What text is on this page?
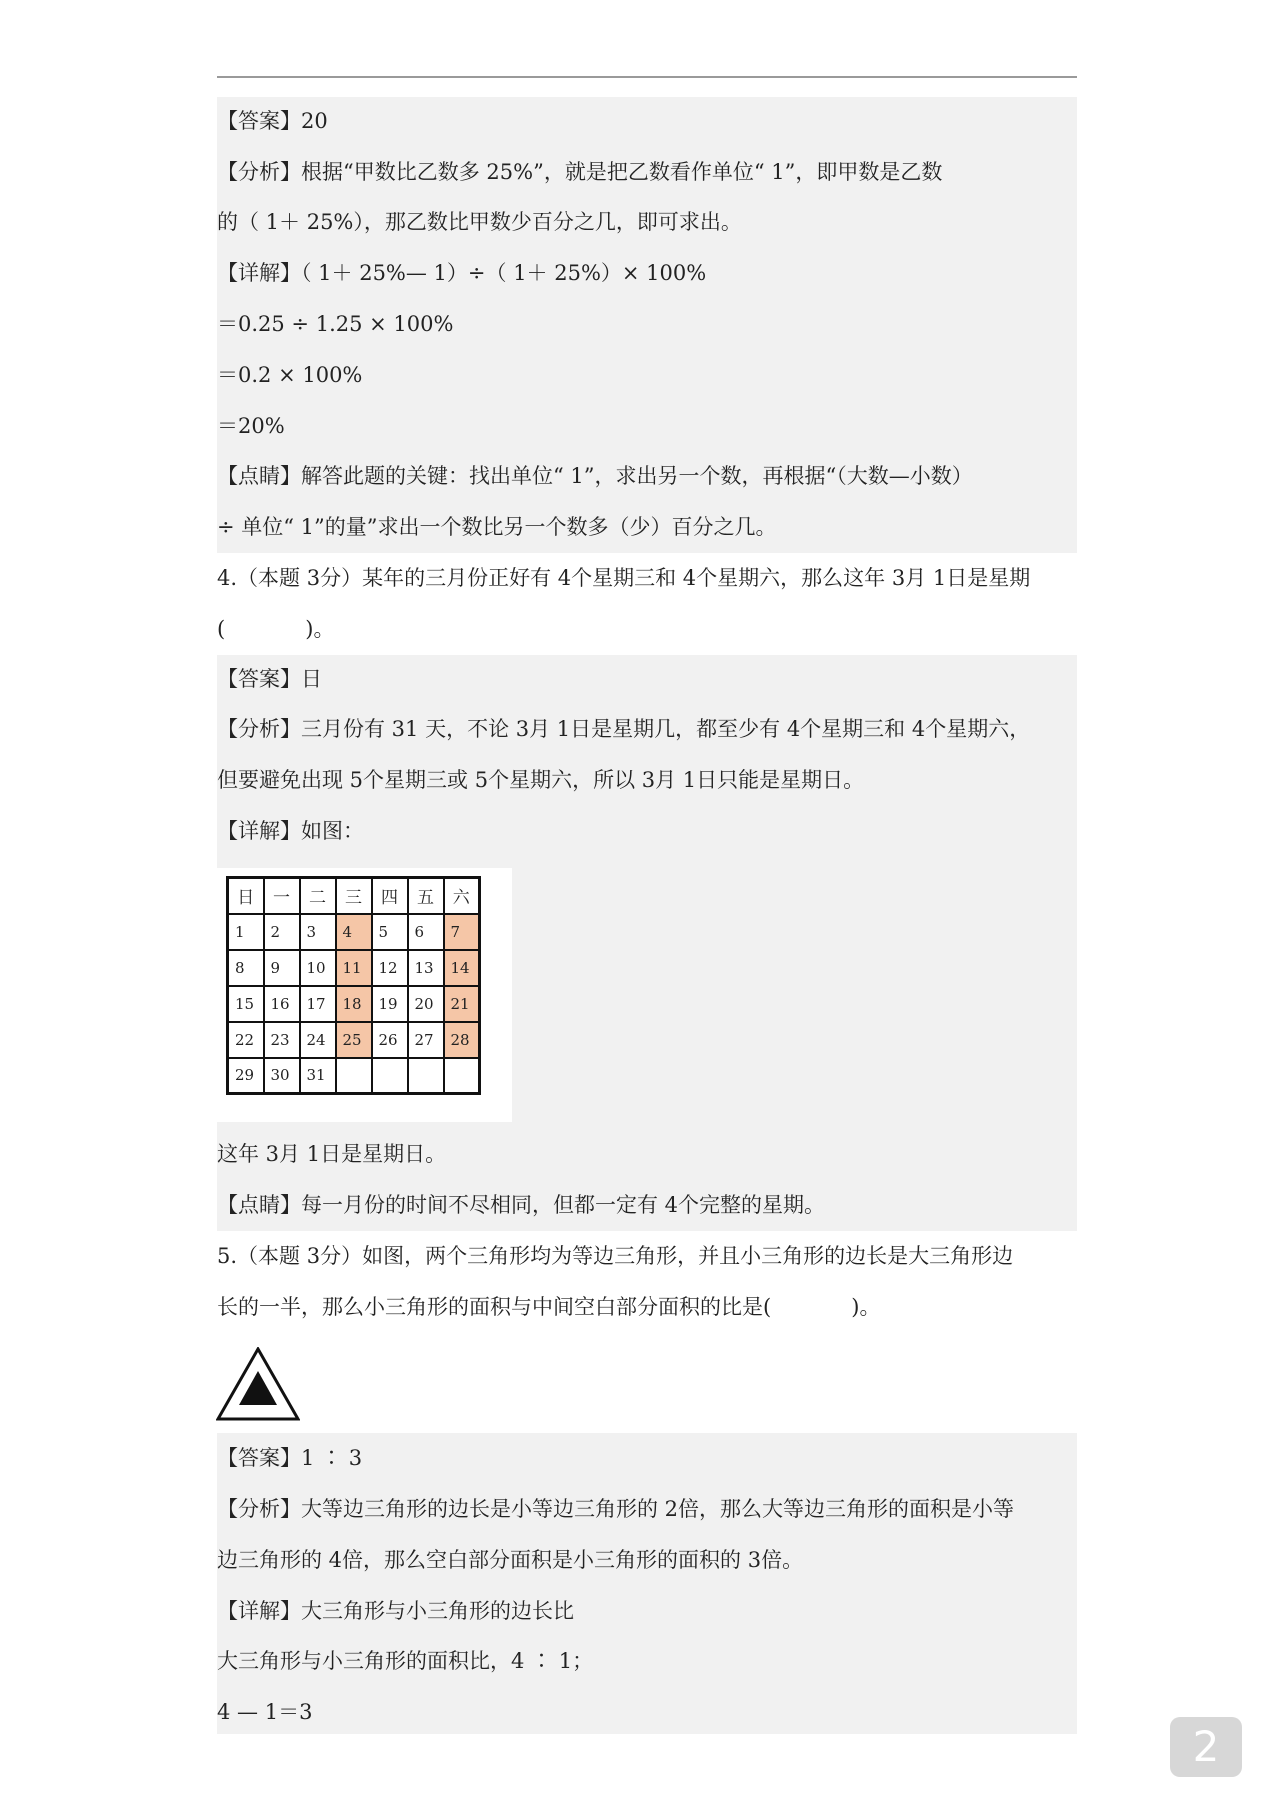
【答案】20
【分析】根据“甲数比乙数多 25%”，就是把乙数看作单位“ 1”，即甲数是乙数
的（ 1＋ 25%），那乙数比甲数少百分之几，即可求出。
【详解】（ 1＋ 25%— 1）÷（ 1＋ 25%）× 100%
＝0.25 ÷ 1.25 × 100%
＝0.2 × 100%
＝20%
【点睛】解答此题的关键：找出单位“ 1”，求出另一个数，再根据“（大数—小数）
÷ 单位“ 1”的量”求出一个数比另一个数多（少）百分之几。
4.（本题 3分）某年的三月份正好有 4个星期三和 4个星期六，那么这年 3月 1日是星期
(            )。
【答案】日
【分析】三月份有 31 天，不论 3月 1日是星期几，都至少有 4个星期三和 4个星期六，
但要避免出现 5个星期三或 5个星期六，所以 3月 1日只能是星期日。
【详解】如图：
日	一	二	三	四	五	六
1	2	3	4	5	6	7
8	9	10	11	12	13	14
15	16	17	18	19	20	21
22	23	24	25	26	27	28
29	30	31				
这年 3月 1日是星期日。
【点睛】每一月份的时间不尽相同，但都一定有 4个完整的星期。
5.（本题 3分）如图，两个三角形均为等边三角形，并且小三角形的边长是大三角形边
长的一半，那么小三角形的面积与中间空白部分面积的比是(            )。
【答案】1 ∶ 3
【分析】大等边三角形的边长是小等边三角形的 2倍，那么大等边三角形的面积是小等
边三角形的 4倍，那么空白部分面积是小三角形的面积的 3倍。
【详解】大三角形与小三角形的边长比
大三角形与小三角形的面积比，4 ∶ 1；
4 — 1＝3
2
